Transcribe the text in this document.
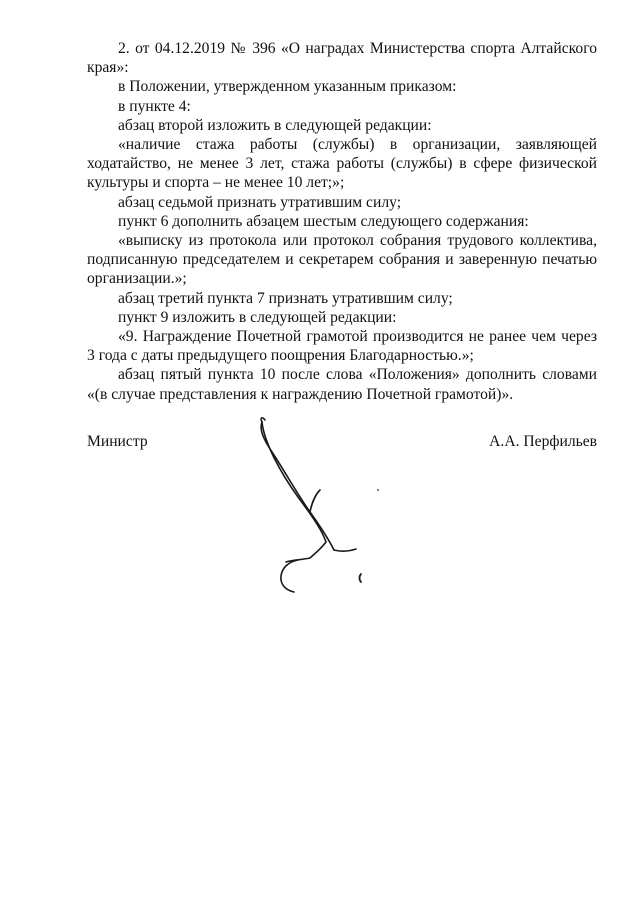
2. от 04.12.2019 № 396 «О наградах Министерства спорта Алтайского края»:

в Положении, утвержденном указанным приказом:

в пункте 4:

абзац второй изложить в следующей редакции:

«наличие стажа работы (службы) в организации, заявляющей ходатайство, не менее 3 лет, стажа работы (службы) в сфере физической культуры и спорта – не менее 10 лет;»;

абзац седьмой признать утратившим силу;

пункт 6 дополнить абзацем шестым следующего содержания:

«выписку из протокола или протокол собрания трудового коллектива, подписанную председателем и секретарем собрания и заверенную печатью организации.»;

абзац третий пункта 7 признать утратившим силу;

пункт 9 изложить в следующей редакции:

«9. Награждение Почетной грамотой производится не ранее чем через 3 года с даты предыдущего поощрения Благодарностью.»;

абзац пятый пункта 10 после слова «Положения» дополнить словами «(в случае представления к награждению Почетной грамотой)».

Министр	А.А. Перфильев
